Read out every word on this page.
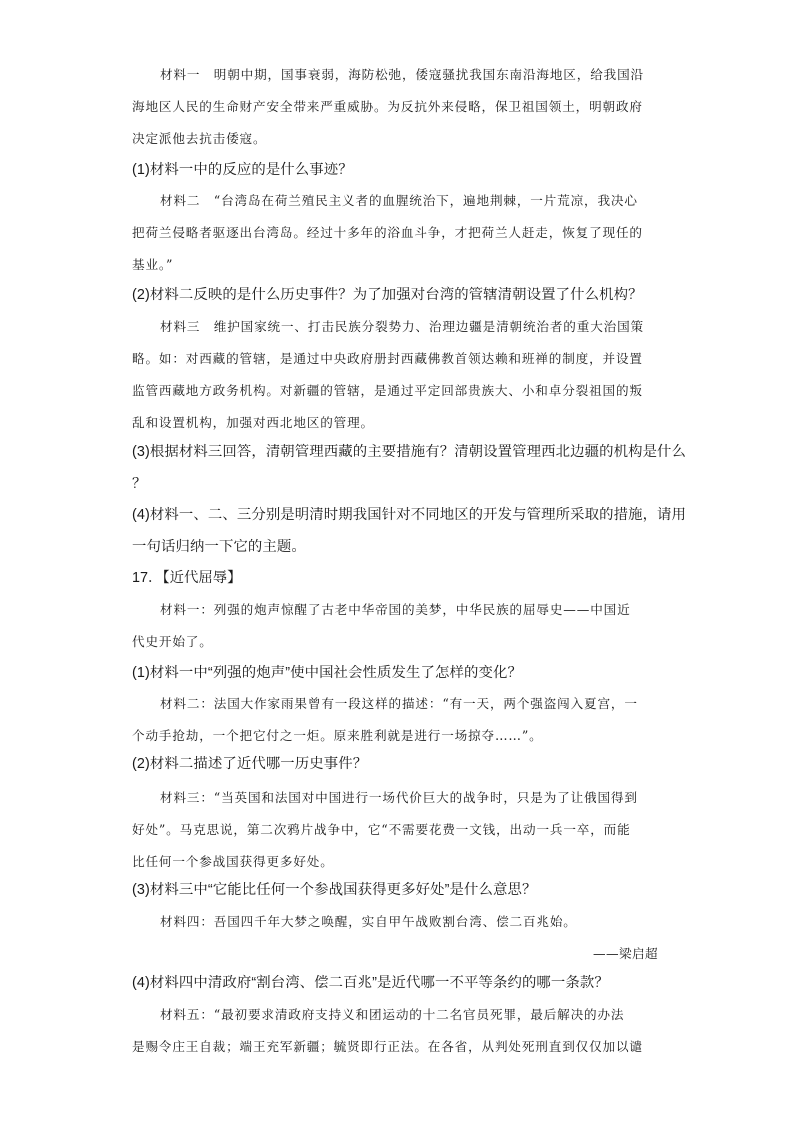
材料一　明朝中期，国事衰弱，海防松弛，倭寇骚扰我国东南沿海地区，给我国沿
海地区人民的生命财产安全带来严重威胁。为反抗外来侵略，保卫祖国领土，明朝政府
决定派他去抗击倭寇。
(1)材料一中的反应的是什么事迹？
材料二　“台湾岛在荷兰殖民主义者的血腥统治下，遍地荆棘，一片荒凉，我决心
把荷兰侵略者驱逐出台湾岛。经过十多年的浴血斗争，才把荷兰人赶走，恢复了现任的
基业。”
(2)材料二反映的是什么历史事件？为了加强对台湾的管辖清朝设置了什么机构？
材料三　维护国家统一、打击民族分裂势力、治理边疆是清朝统治者的重大治国策
略。如：对西藏的管辖，是通过中央政府册封西藏佛教首领达赖和班禅的制度，并设置
监管西藏地方政务机构。对新疆的管辖，是通过平定回部贵族大、小和卓分裂祖国的叛
乱和设置机构，加强对西北地区的管理。
(3)根据材料三回答，清朝管理西藏的主要措施有？清朝设置管理西北边疆的机构是什么
？
(4)材料一、二、三分别是明清时期我国针对不同地区的开发与管理所采取的措施，请用
一句话归纳一下它的主题。
17．【近代屈辱】
材料一：列强的炮声惊醒了古老中华帝国的美梦，中华民族的屈辱史——中国近
代史开始了。
(1)材料一中“列强的炮声”使中国社会性质发生了怎样的变化？
材料二：法国大作家雨果曾有一段这样的描述：“有一天，两个强盗闯入夏宫，一
个动手抢劫，一个把它付之一炬。原来胜利就是进行一场掠夺……”。
(2)材料二描述了近代哪一历史事件？
材料三：“当英国和法国对中国进行一场代价巨大的战争时，只是为了让俄国得到
好处”。马克思说，第二次鸦片战争中，它“不需要花费一文钱，出动一兵一卒，而能
比任何一个参战国获得更多好处。
(3)材料三中“它能比任何一个参战国获得更多好处”是什么意思？
材料四：吾国四千年大梦之唤醒，实自甲午战败割台湾、偿二百兆始。
——梁启超
(4)材料四中清政府“割台湾、偿二百兆”是近代哪一不平等条约的哪一条款？
材料五：“最初要求清政府支持义和团运动的十二名官员死罪，最后解决的办法
是赐令庄王自裁；端王充军新疆；毓贤即行正法。在各省，从判处死刑直到仅仅加以谴
